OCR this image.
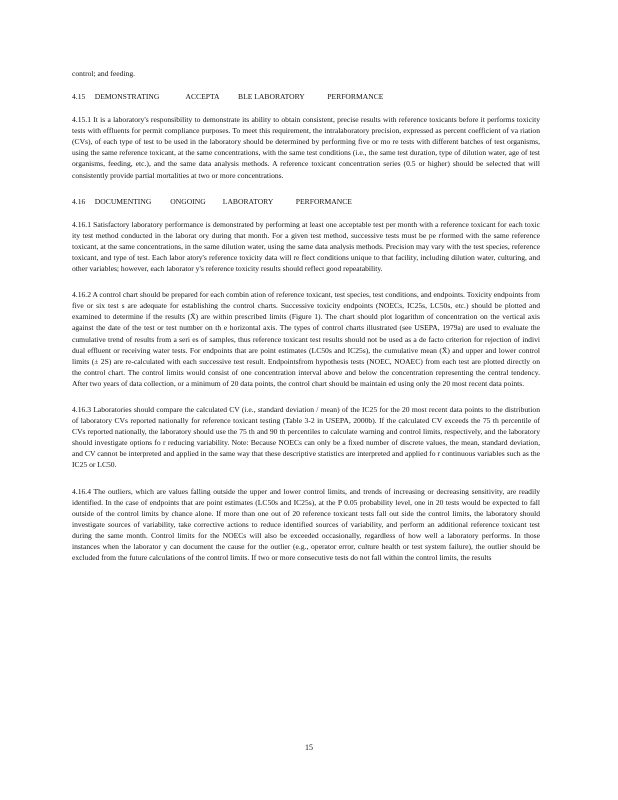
control; and feeding.

4.15     DEMONSTRATING              ACCEPTA          BLE LABORATORY            PERFORMANCE

4.15.1 It is a laboratory's responsibility to demonstrate its ability to obtain consistent, precise results with reference toxicants before it performs toxicity tests with effluents for permit compliance purposes. To meet this requirement, the intralaboratory precision, expressed as percent coefficient of va riation (CVs), of each type of test to be used in the laboratory should be determined by performing five or mo re tests with different batches of test organisms, using the same reference toxicant, at the same concentrations, with the same test conditions (i.e., the same test duration, type of dilution water, age of test organisms, feeding, etc.), and the same data analysis methods. A reference toxicant concentration series (0.5 or higher) should be selected that will consistently provide partial mortalities at two or more concentrations.

4.16     DOCUMENTING          ONGOING         LABORATORY            PERFORMANCE

4.16.1 Satisfactory laboratory performance is demonstrated by performing at least one acceptable test per month with a reference toxicant for each toxic ity test method conducted in the laborat ory during that month. For a given test method, successive tests must be pe rformed with the same reference toxicant, at the same concentrations, in the same dilution water, using the same data analysis methods. Precision may vary with the test species, reference toxicant, and type of test. Each labor atory's reference toxicity data will re flect conditions unique to that facility, including dilution water, culturing, and other variables; however, each laborator y's reference toxicity results should reflect good repeatability.

4.16.2 A control chart should be prepared for each combin ation of reference toxicant, test species, test conditions, and endpoints. Toxicity endpoints from five or six test s are adequate for establishing the control charts. Successive toxicity endpoints (NOECs, IC25s, LC50s, etc.) should be plotted and examined to determine if the results (X̄) are within prescribed limits (Figure 1). The chart should plot logarithm of concentration on the vertical axis against the date of the test or test number on th e horizontal axis. The types of control charts illustrated (see USEPA, 1979a) are used to evaluate the cumulative trend of results from a seri es of samples, thus reference toxicant test results should not be used as a de facto criterion for rejection of indivi dual effluent or receiving water tests. For endpoints that are point estimates (LC50s and IC25s), the cumulative mean (X̄) and upper and lower control limits (± 2S) are re-calculated with each successive test result. Endpointsfrom hypothesis tests (NOEC, NOAEC) from each test are plotted directly on the control chart. The control limits would consist of one concentration interval above and below the concentration representing the central tendency. After two years of data collection, or a minimum of 20 data points, the control chart should be maintain ed using only the 20 most recent data points.

4.16.3 Laboratories should compare the calculated CV (i.e., standard deviation / mean) of the IC25 for the 20 most recent data points to the distribution of laboratory CVs reported nationally for reference toxicant testing (Table 3-2 in USEPA, 2000b). If the calculated CV exceeds the 75 th percentile of CVs reported nationally, the laboratory should use the 75 th and 90 th percentiles to calculate warning and control limits, respectively, and the laboratory should investigate options fo r reducing variability. Note: Because NOECs can only be a fixed number of discrete values, the mean, standard deviation, and CV cannot be interpreted and applied in the same way that these descriptive statistics are interpreted and applied fo r continuous variables such as the IC25 or LC50.

4.16.4 The outliers, which are values falling outside the upper and lower control limits, and trends of increasing or decreasing sensitivity, are readily identified. In the case of endpoints that are point estimates (LC50s and IC25s), at the P 0.05 probability level, one in 20 tests would be expected to fall outside of the control limits by chance alone. If more than one out of 20 reference toxicant tests fall out side the control limits, the laboratory should investigate sources of variability, take corrective actions to reduce identified sources of variability, and perform an additional reference toxicant test during the same month. Control limits for the NOECs will also be exceeded occasionally, regardless of how well a laboratory performs. In those instances when the laborator y can document the cause for the outlier (e.g., operator error, culture health or test system failure), the outlier should be excluded from the future calculations of the control limits. If two or more consecutive tests do not fall within the control limits, the results

15
